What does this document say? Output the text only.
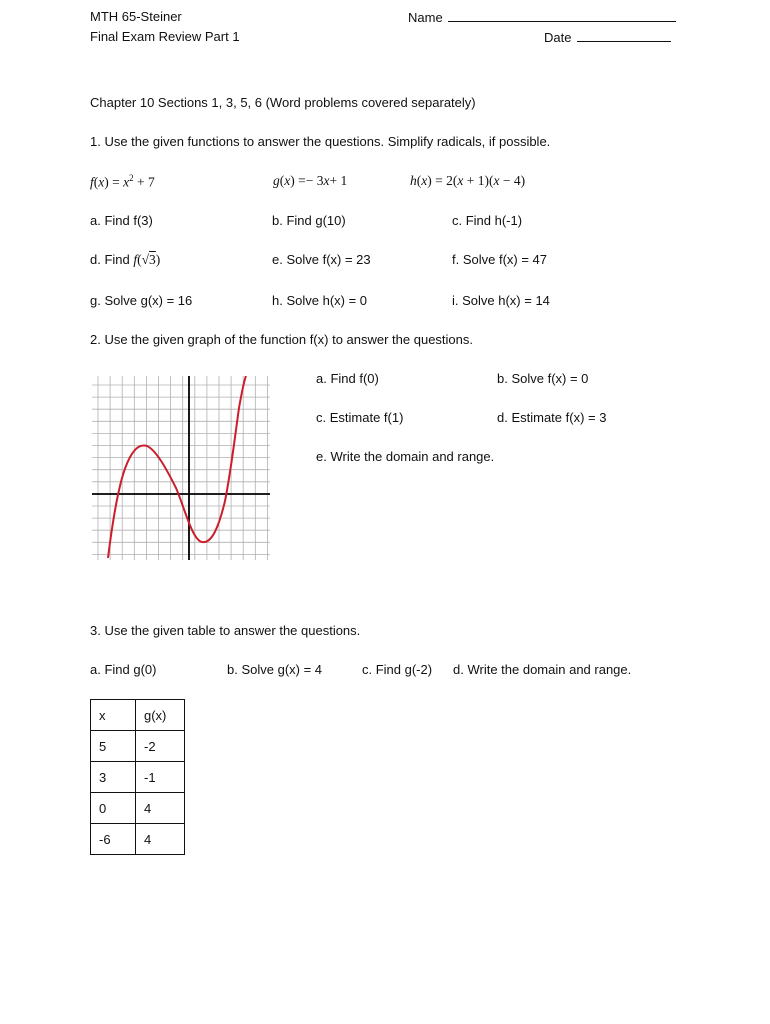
MTH 65-Steiner
Final Exam Review Part 1
Name
Date
Chapter 10 Sections 1, 3, 5, 6 (Word problems covered separately)
1. Use the given functions to answer the questions. Simplify radicals, if possible.
$f(x) = x^2 + 7$	g(x) =− 3x+ 1	h(x) = 2(x + 1)(x − 4)
a. Find f(3)	b. Find g(10)	c. Find h(-1)
d. Find f(√3)	e. Solve f(x) = 23	f. Solve f(x) = 47
g. Solve g(x) = 16	h. Solve h(x) = 0	i. Solve h(x) = 14
2. Use the given graph of the function f(x) to answer the questions.
a. Find f(0)	b. Solve f(x) = 0
c. Estimate f(1)	d. Estimate f(x) = 3
e. Write the domain and range.
3. Use the given table to answer the questions.
a. Find g(0)	b. Solve g(x) = 4	c. Find g(-2) d. Write the domain and range.
x	g(x)
5	-2
3	-1
0	4
-6	4
